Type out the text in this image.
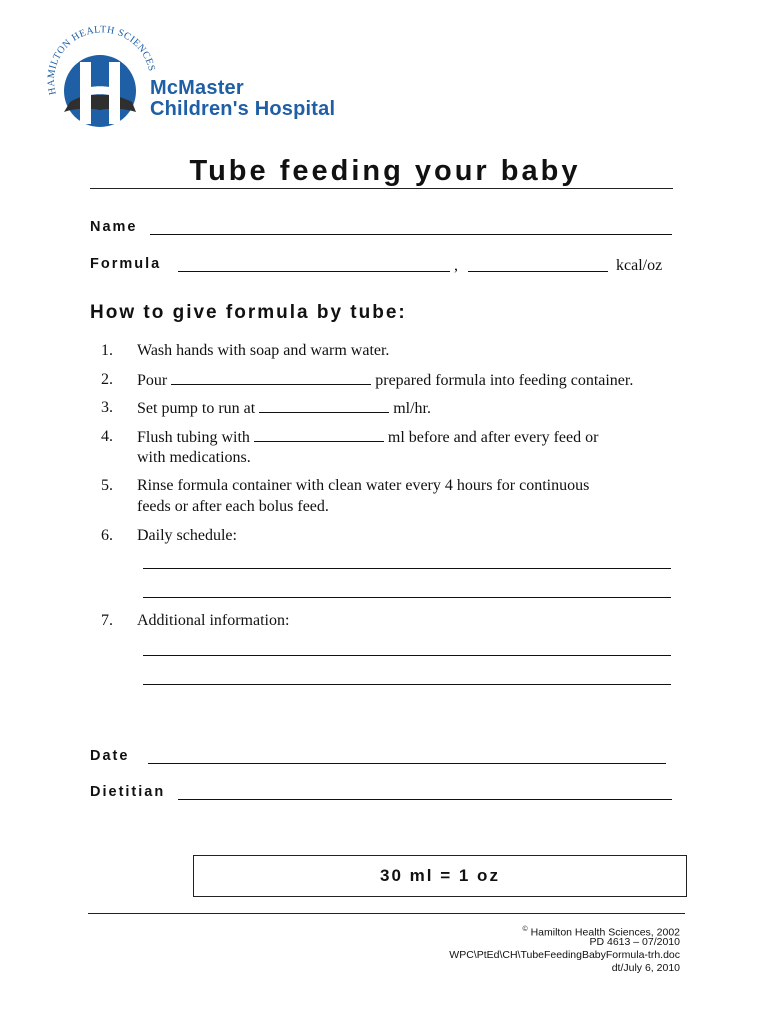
HAMILTON HEALTH SCIENCES
McMaster
Children's Hospital
Tube feeding your baby
Name
Formula	,	kcal/oz
How to give formula by tube:
1. Wash hands with soap and warm water.
2. Pour	prepared formula into feeding container.
3. Set pump to run at	ml/hr.
4. Flush tubing with	ml before and after every feed or
with medications.
5. Rinse formula container with clean water every 4 hours for continuous
feeds or after each bolus feed.
6. Daily schedule:
7. Additional information:
Date
Dietitian
30 ml = 1 oz
© Hamilton Health Sciences, 2002
PD 4613 – 07/2010
WPC\PtEd\CH\TubeFeedingBabyFormula-trh.doc
dt/July 6, 2010
